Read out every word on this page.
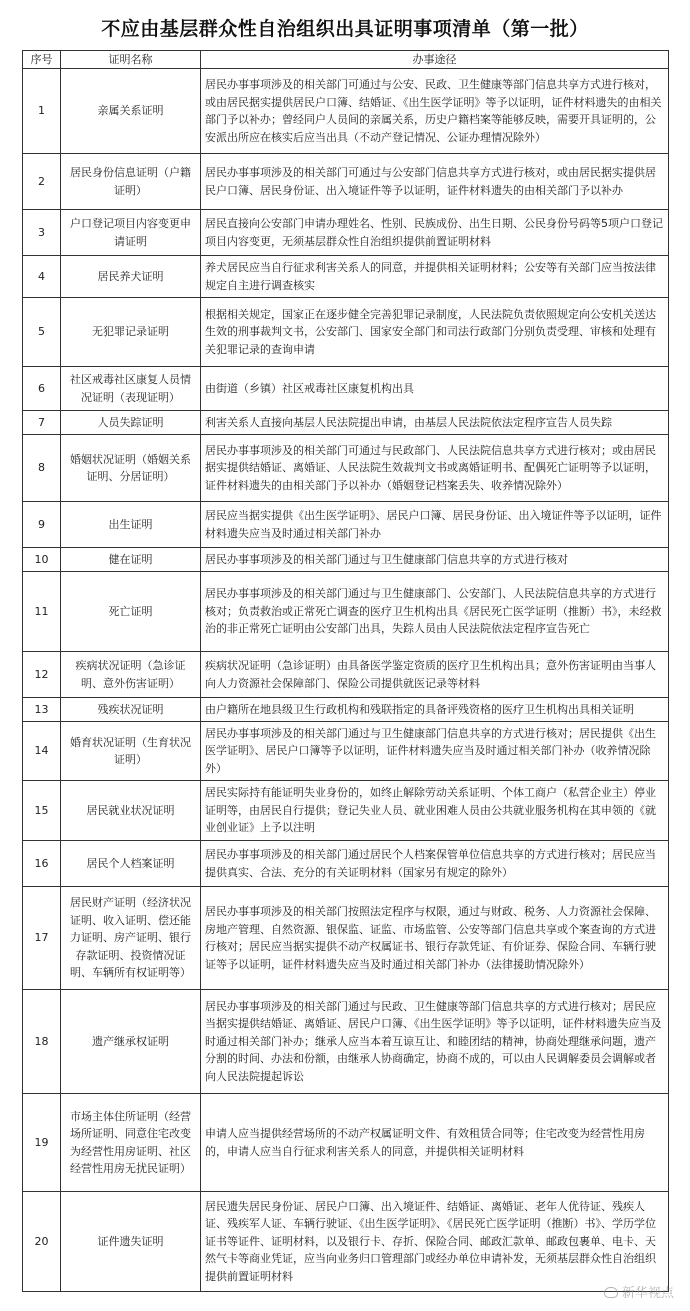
不应由基层群众性自治组织出具证明事项清单（第一批）
序号	证明名称	办事途径
1	亲属关系证明	居民办事事项涉及的相关部门可通过与公安、民政、卫生健康等部门信息共享方式进行核对，或由居民据实提供居民户口簿、结婚证、《出生医学证明》等予以证明，证件材料遗失的由相关部门予以补办；曾经同户人员间的亲属关系，历史户籍档案等能够反映，需要开具证明的，公安派出所应在核实后应当出具（不动产登记情况、公证办理情况除外）
2	居民身份信息证明（户籍证明）	居民办事事项涉及的相关部门可通过与公安部门信息共享方式进行核对，或由居民据实提供居民户口簿、居民身份证、出入境证件等予以证明，证件材料遗失的由相关部门予以补办
3	户口登记项目内容变更申请证明	居民直接向公安部门申请办理姓名、性别、民族成份、出生日期、公民身份号码等5项户口登记项目内容变更，无须基层群众性自治组织提供前置证明材料
4	居民养犬证明	养犬居民应当自行征求利害关系人的同意，并提供相关证明材料；公安等有关部门应当按法律规定自主进行调查核实
5	无犯罪记录证明	根据相关规定，国家正在逐步健全完善犯罪记录制度，人民法院负责依照规定向公安机关送达生效的刑事裁判文书，公安部门、国家安全部门和司法行政部门分别负责受理、审核和处理有关犯罪记录的查询申请
6	社区戒毒社区康复人员情况证明（表现证明）	由街道（乡镇）社区戒毒社区康复机构出具
7	人员失踪证明	利害关系人直接向基层人民法院提出申请，由基层人民法院依法定程序宣告人员失踪
8	婚姻状况证明（婚姻关系证明、分居证明）	居民办事事项涉及的相关部门可通过与民政部门、人民法院信息共享方式进行核对；或由居民据实提供结婚证、离婚证、人民法院生效裁判文书或离婚证明书、配偶死亡证明等予以证明，证件材料遗失的由相关部门予以补办（婚姻登记档案丢失、收养情况除外）
9	出生证明	居民应当据实提供《出生医学证明》、居民户口簿、居民身份证、出入境证件等予以证明，证件材料遗失应当及时通过相关部门补办
10	健在证明	居民办事事项涉及的相关部门通过与卫生健康部门信息共享的方式进行核对
11	死亡证明	居民办事事项涉及的相关部门通过与卫生健康部门、公安部门、人民法院信息共享的方式进行核对；负责救治或正常死亡调查的医疗卫生机构出具《居民死亡医学证明（推断）书》，未经救治的非正常死亡证明由公安部门出具，失踪人员由人民法院依法定程序宣告死亡
12	疾病状况证明（急诊证明、意外伤害证明）	疾病状况证明（急诊证明）由具备医学鉴定资质的医疗卫生机构出具；意外伤害证明由当事人向人力资源社会保障部门、保险公司提供就医记录等材料
13	残疾状况证明	由户籍所在地县级卫生行政机构和残联指定的具备评残资格的医疗卫生机构出具相关证明
14	婚育状况证明（生育状况证明）	居民办事事项涉及的相关部门通过与卫生健康部门信息共享的方式进行核对；居民提供《出生医学证明》、居民户口簿等予以证明，证件材料遗失应当及时通过相关部门补办（收养情况除外）
15	居民就业状况证明	居民实际持有能证明失业身份的，如终止解除劳动关系证明、个体工商户（私营企业主）停业证明等，由居民自行提供；登记失业人员、就业困难人员由公共就业服务机构在其申领的《就业创业证》上予以注明
16	居民个人档案证明	居民办事事项涉及的相关部门通过居民个人档案保管单位信息共享的方式进行核对；居民应当提供真实、合法、充分的有关证明材料（国家另有规定的除外）
17	居民财产证明（经济状况证明、收入证明、偿还能力证明、房产证明、银行存款证明、投资情况证明、车辆所有权证明等）	居民办事事项涉及的相关部门按照法定程序与权限，通过与财政、税务、人力资源社会保障、房地产管理、自然资源、银保监、证监、市场监管、公安等部门信息共享或个案查询的方式进行核对；居民应当据实提供不动产权属证书、银行存款凭证、有价证券、保险合同、车辆行驶证等予以证明，证件材料遗失应当及时通过相关部门补办（法律援助情况除外）
18	遗产继承权证明	居民办事事项涉及的相关部门通过与民政、卫生健康等部门信息共享的方式进行核对；居民应当据实提供结婚证、离婚证、居民户口簿、《出生医学证明》等予以证明，证件材料遗失应当及时通过相关部门补办；继承人应当本着互谅互让、和睦团结的精神，协商处理继承问题，遗产分割的时间、办法和份额，由继承人协商确定，协商不成的，可以由人民调解委员会调解或者向人民法院提起诉讼
19	市场主体住所证明（经营场所证明、同意住宅改变为经营性用房证明、社区经营性用房无扰民证明）	申请人应当提供经营场所的不动产权属证明文件、有效租赁合同等；住宅改变为经营性用房的，申请人应当自行征求利害关系人的同意，并提供相关证明材料
20	证件遗失证明	居民遗失居民身份证、居民户口簿、出入境证件、结婚证、离婚证、老年人优待证、残疾人证、残疾军人证、车辆行驶证、《出生医学证明》、《居民死亡医学证明（推断）书》、学历学位证书等证件、证明材料，以及银行卡、存折、保险合同、邮政汇款单、邮政包裹单、电卡、天然气卡等商业凭证，应当向业务归口管理部门或经办单位申请补发，无须基层群众性自治组织提供前置证明材料
新华视点
